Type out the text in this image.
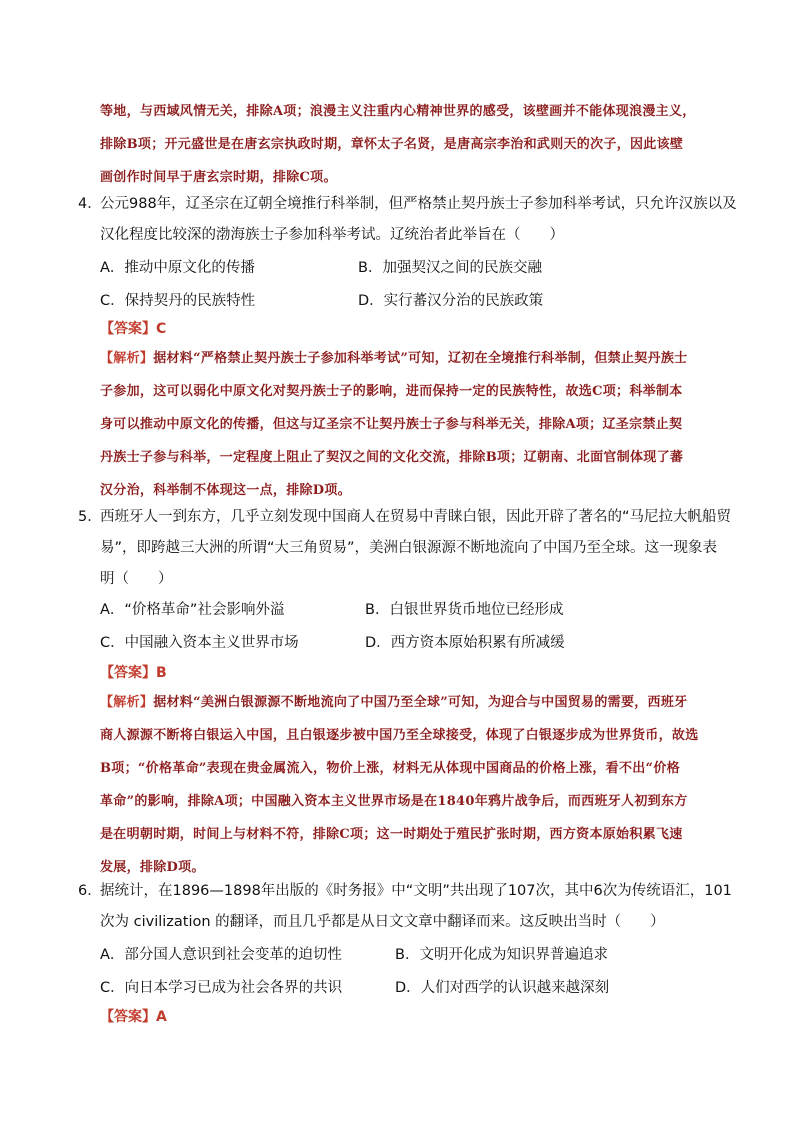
等地，与西域风情无关，排除A项；浪漫主义注重内心精神世界的感受，该壁画并不能体现浪漫主义，
排除B项；开元盛世是在唐玄宗执政时期，章怀太子名贤，是唐高宗李治和武则天的次子，因此该壁
画创作时间早于唐玄宗时期，排除C项。
4．公元988年，辽圣宗在辽朝全境推行科举制，但严格禁止契丹族士子参加科举考试，只允许汉族以及
汉化程度比较深的渤海族士子参加科举考试。辽统治者此举旨在（　　）
A．推动中原文化的传播	B．加强契汉之间的民族交融
C．保持契丹的民族特性	D．实行蕃汉分治的民族政策
【答案】C
【解析】据材料“严格禁止契丹族士子参加科举考试”可知，辽初在全境推行科举制，但禁止契丹族士
子参加，这可以弱化中原文化对契丹族士子的影响，进而保持一定的民族特性，故选C项；科举制本
身可以推动中原文化的传播，但这与辽圣宗不让契丹族士子参与科举无关，排除A项；辽圣宗禁止契
丹族士子参与科举，一定程度上阻止了契汉之间的文化交流，排除B项；辽朝南、北面官制体现了蕃
汉分治，科举制不体现这一点，排除D项。
5．西班牙人一到东方，几乎立刻发现中国商人在贸易中青睐白银，因此开辟了著名的“马尼拉大帆船贸
易”，即跨越三大洲的所谓“大三角贸易”，美洲白银源源不断地流向了中国乃至全球。这一现象表
明（　　）
A．“价格革命”社会影响外溢	B．白银世界货币地位已经形成
C．中国融入资本主义世界市场	D．西方资本原始积累有所减缓
【答案】B
【解析】据材料“美洲白银源源不断地流向了中国乃至全球”可知，为迎合与中国贸易的需要，西班牙
商人源源不断将白银运入中国，且白银逐步被中国乃至全球接受，体现了白银逐步成为世界货币，故选
B项；“价格革命”表现在贵金属流入，物价上涨，材料无从体现中国商品的价格上涨，看不出“价格
革命”的影响，排除A项；中国融入资本主义世界市场是在1840年鸦片战争后，而西班牙人初到东方
是在明朝时期，时间上与材料不符，排除C项；这一时期处于殖民扩张时期，西方资本原始积累飞速
发展，排除D项。
6．据统计，在1896—1898年出版的《时务报》中“文明”共出现了107次，其中6次为传统语汇，101
次为 civilization 的翻译，而且几乎都是从日文文章中翻译而来。这反映出当时（　　）
A．部分国人意识到社会变革的迫切性	B．文明开化成为知识界普遍追求
C．向日本学习已成为社会各界的共识	D．人们对西学的认识越来越深刻
【答案】A
